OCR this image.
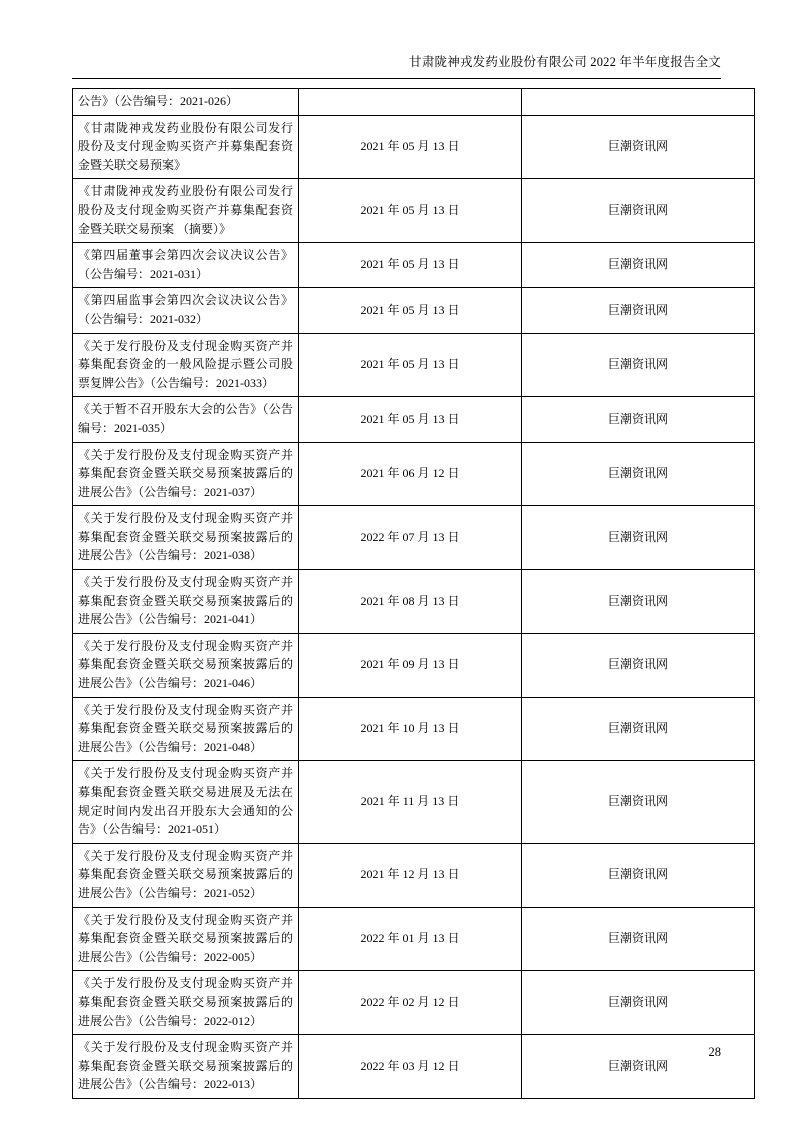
甘肃陇神戎发药业股份有限公司 2022 年半年度报告全文
公告》（公告编号：2021-026）		
《甘肃陇神戎发药业股份有限公司发行股份及支付现金购买资产并募集配套资金暨关联交易预案》	2021 年 05 月 13 日	巨潮资讯网
《甘肃陇神戎发药业股份有限公司发行股份及支付现金购买资产并募集配套资金暨关联交易预案 （摘要）》	2021 年 05 月 13 日	巨潮资讯网
《第四届董事会第四次会议决议公告》（公告编号：2021-031）	2021 年 05 月 13 日	巨潮资讯网
《第四届监事会第四次会议决议公告》（公告编号：2021-032）	2021 年 05 月 13 日	巨潮资讯网
《关于发行股份及支付现金购买资产并募集配套资金的一般风险提示暨公司股票复牌公告》（公告编号：2021-033）	2021 年 05 月 13 日	巨潮资讯网
《关于暂不召开股东大会的公告》（公告编号：2021-035）	2021 年 05 月 13 日	巨潮资讯网
《关于发行股份及支付现金购买资产并募集配套资金暨关联交易预案披露后的进展公告》（公告编号：2021-037）	2021 年 06 月 12 日	巨潮资讯网
《关于发行股份及支付现金购买资产并募集配套资金暨关联交易预案披露后的进展公告》（公告编号：2021-038）	2022 年 07 月 13 日	巨潮资讯网
《关于发行股份及支付现金购买资产并募集配套资金暨关联交易预案披露后的进展公告》（公告编号：2021-041）	2021 年 08 月 13 日	巨潮资讯网
《关于发行股份及支付现金购买资产并募集配套资金暨关联交易预案披露后的进展公告》（公告编号：2021-046）	2021 年 09 月 13 日	巨潮资讯网
《关于发行股份及支付现金购买资产并募集配套资金暨关联交易预案披露后的进展公告》（公告编号：2021-048）	2021 年 10 月 13 日	巨潮资讯网
《关于发行股份及支付现金购买资产并募集配套资金暨关联交易进展及无法在规定时间内发出召开股东大会通知的公告》（公告编号：2021-051）	2021 年 11 月 13 日	巨潮资讯网
《关于发行股份及支付现金购买资产并募集配套资金暨关联交易预案披露后的进展公告》（公告编号：2021-052）	2021 年 12 月 13 日	巨潮资讯网
《关于发行股份及支付现金购买资产并募集配套资金暨关联交易预案披露后的进展公告》（公告编号：2022-005）	2022 年 01 月 13 日	巨潮资讯网
《关于发行股份及支付现金购买资产并募集配套资金暨关联交易预案披露后的进展公告》（公告编号：2022-012）	2022 年 02 月 12 日	巨潮资讯网
《关于发行股份及支付现金购买资产并募集配套资金暨关联交易预案披露后的进展公告》（公告编号：2022-013）	2022 年 03 月 12 日	巨潮资讯网
28
